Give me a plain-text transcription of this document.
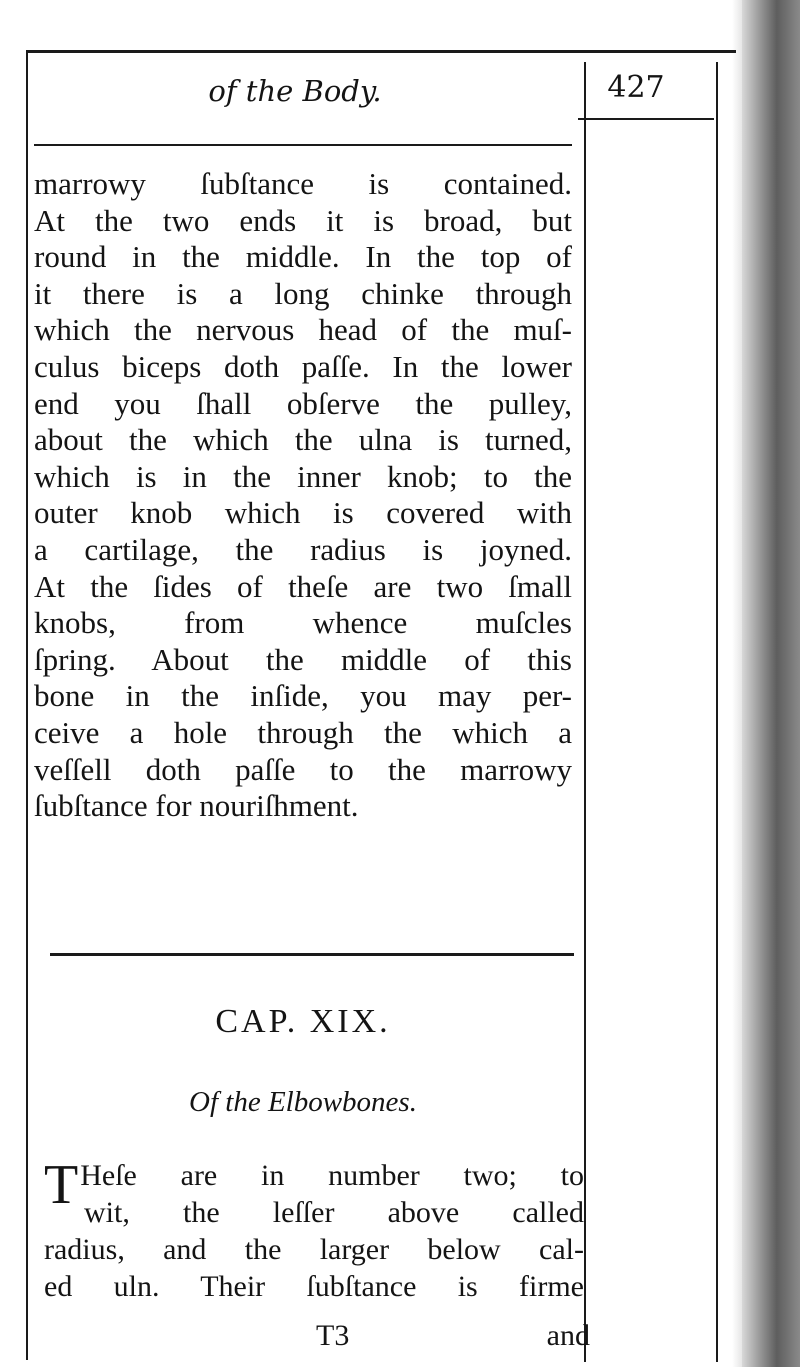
of the Body.	427
marrowy ſubſtance is contained.
At the two ends it is broad, but
round in the middle. In the top of
it there is a long chinke through
which the nervous head of the muſ-
culus biceps doth paſſe. In the lower
end you ſhall obſerve the pulley,
about the which the ulna is turned,
which is in the inner knob; to the
outer knob which is covered with
a cartilage, the radius is joyned.
At the ſides of theſe are two ſmall
knobs, from whence muſcles
ſpring. About the middle of this
bone in the inſide, you may per-
ceive a hole through the which a
veſſell doth paſſe to the marrowy
ſubſtance for nouriſhment.
CAP. XIX.
Of the Elbowbones.
T Heſe are in number two; to
wit, the leſſer above called
radius, and the larger below cal-
ed uln. Their ſubſtance is firme
T3	and
